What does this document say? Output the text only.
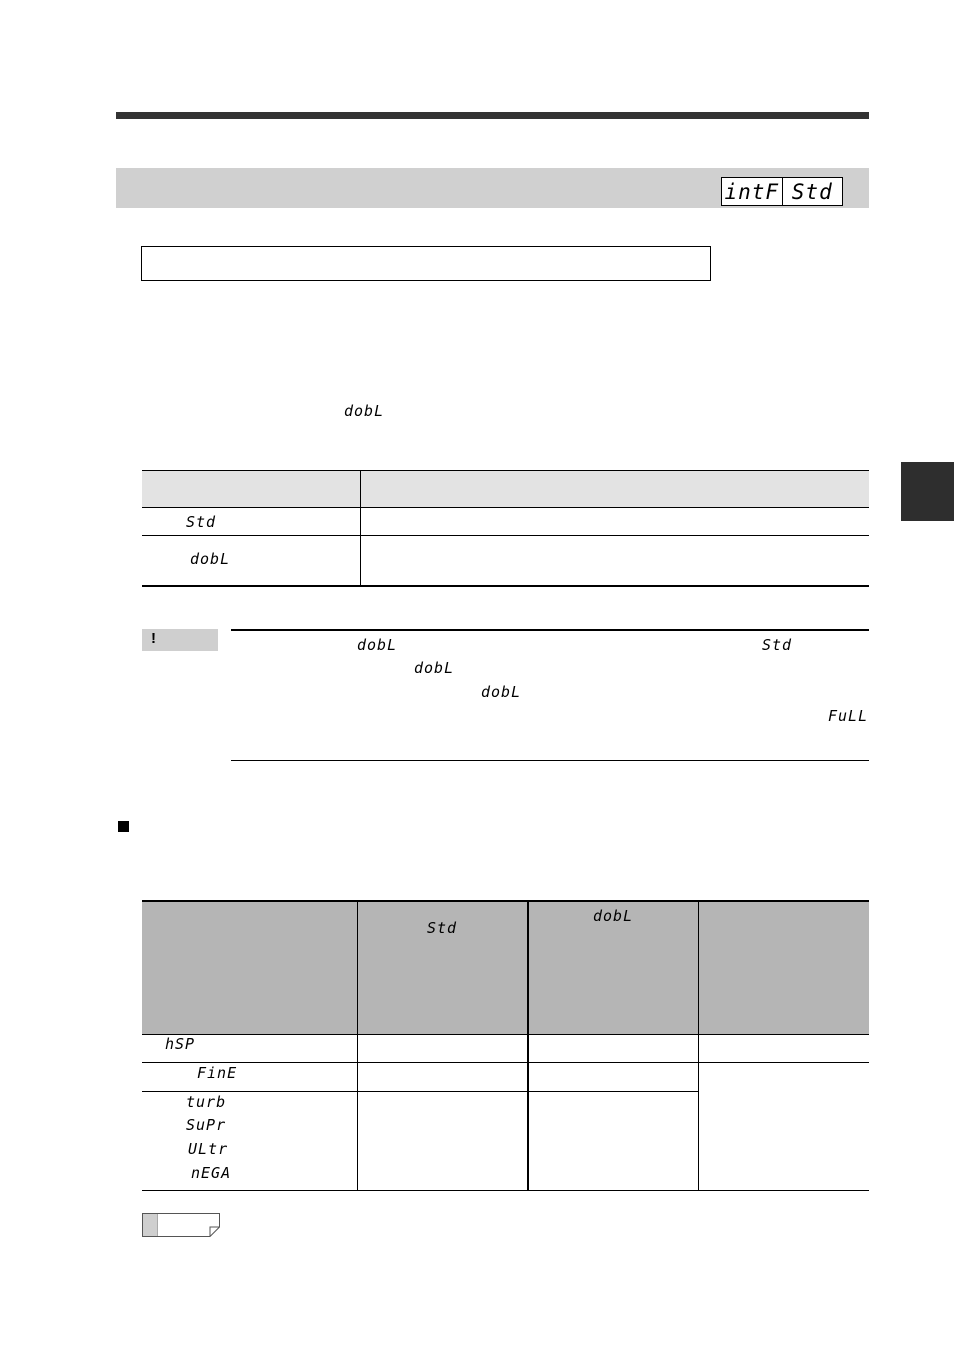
intF Std
dobL
Std
dobL
!	dobL	Std
dobL
dobL
FuLL
Std
dobL
hSP
FinE
turb
SuPr
ULtr
nEGA
